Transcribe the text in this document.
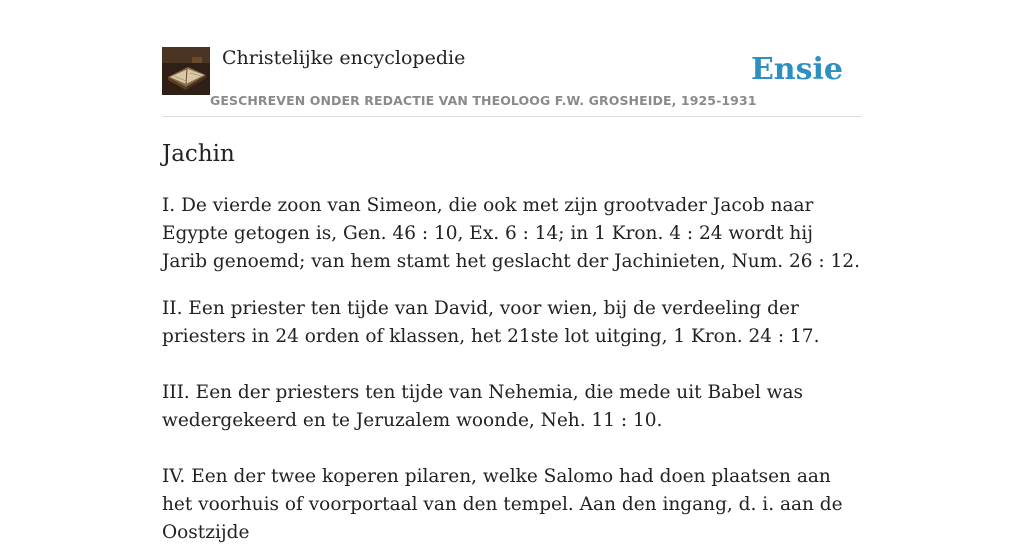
Christelijke encyclopedie
GESCHREVEN ONDER REDACTIE VAN THEOLOOG F.W. GROSHEIDE, 1925-1931
Ensie
Jachin

I. De vierde zoon van Simeon, die ook met zijn grootvader Jacob naar Egypte getogen is, Gen. 46 : 10, Ex. 6 : 14; in 1 Kron. 4 : 24 wordt hij Jarib genoemd; van hem stamt het geslacht der Jachinieten, Num. 26 : 12.

II. Een priester ten tijde van David, voor wien, bij de verdeeling der priesters in 24 orden of klassen, het 21ste lot uitging, 1 Kron. 24 : 17.

III. Een der priesters ten tijde van Nehemia, die mede uit Babel was wedergekeerd en te Jeruzalem woonde, Neh. 11 : 10.

IV. Een der twee koperen pilaren, welke Salomo had doen plaatsen aan het voorhuis of voorportaal van den tempel. Aan den ingang, d. i. aan de Oostzijde
